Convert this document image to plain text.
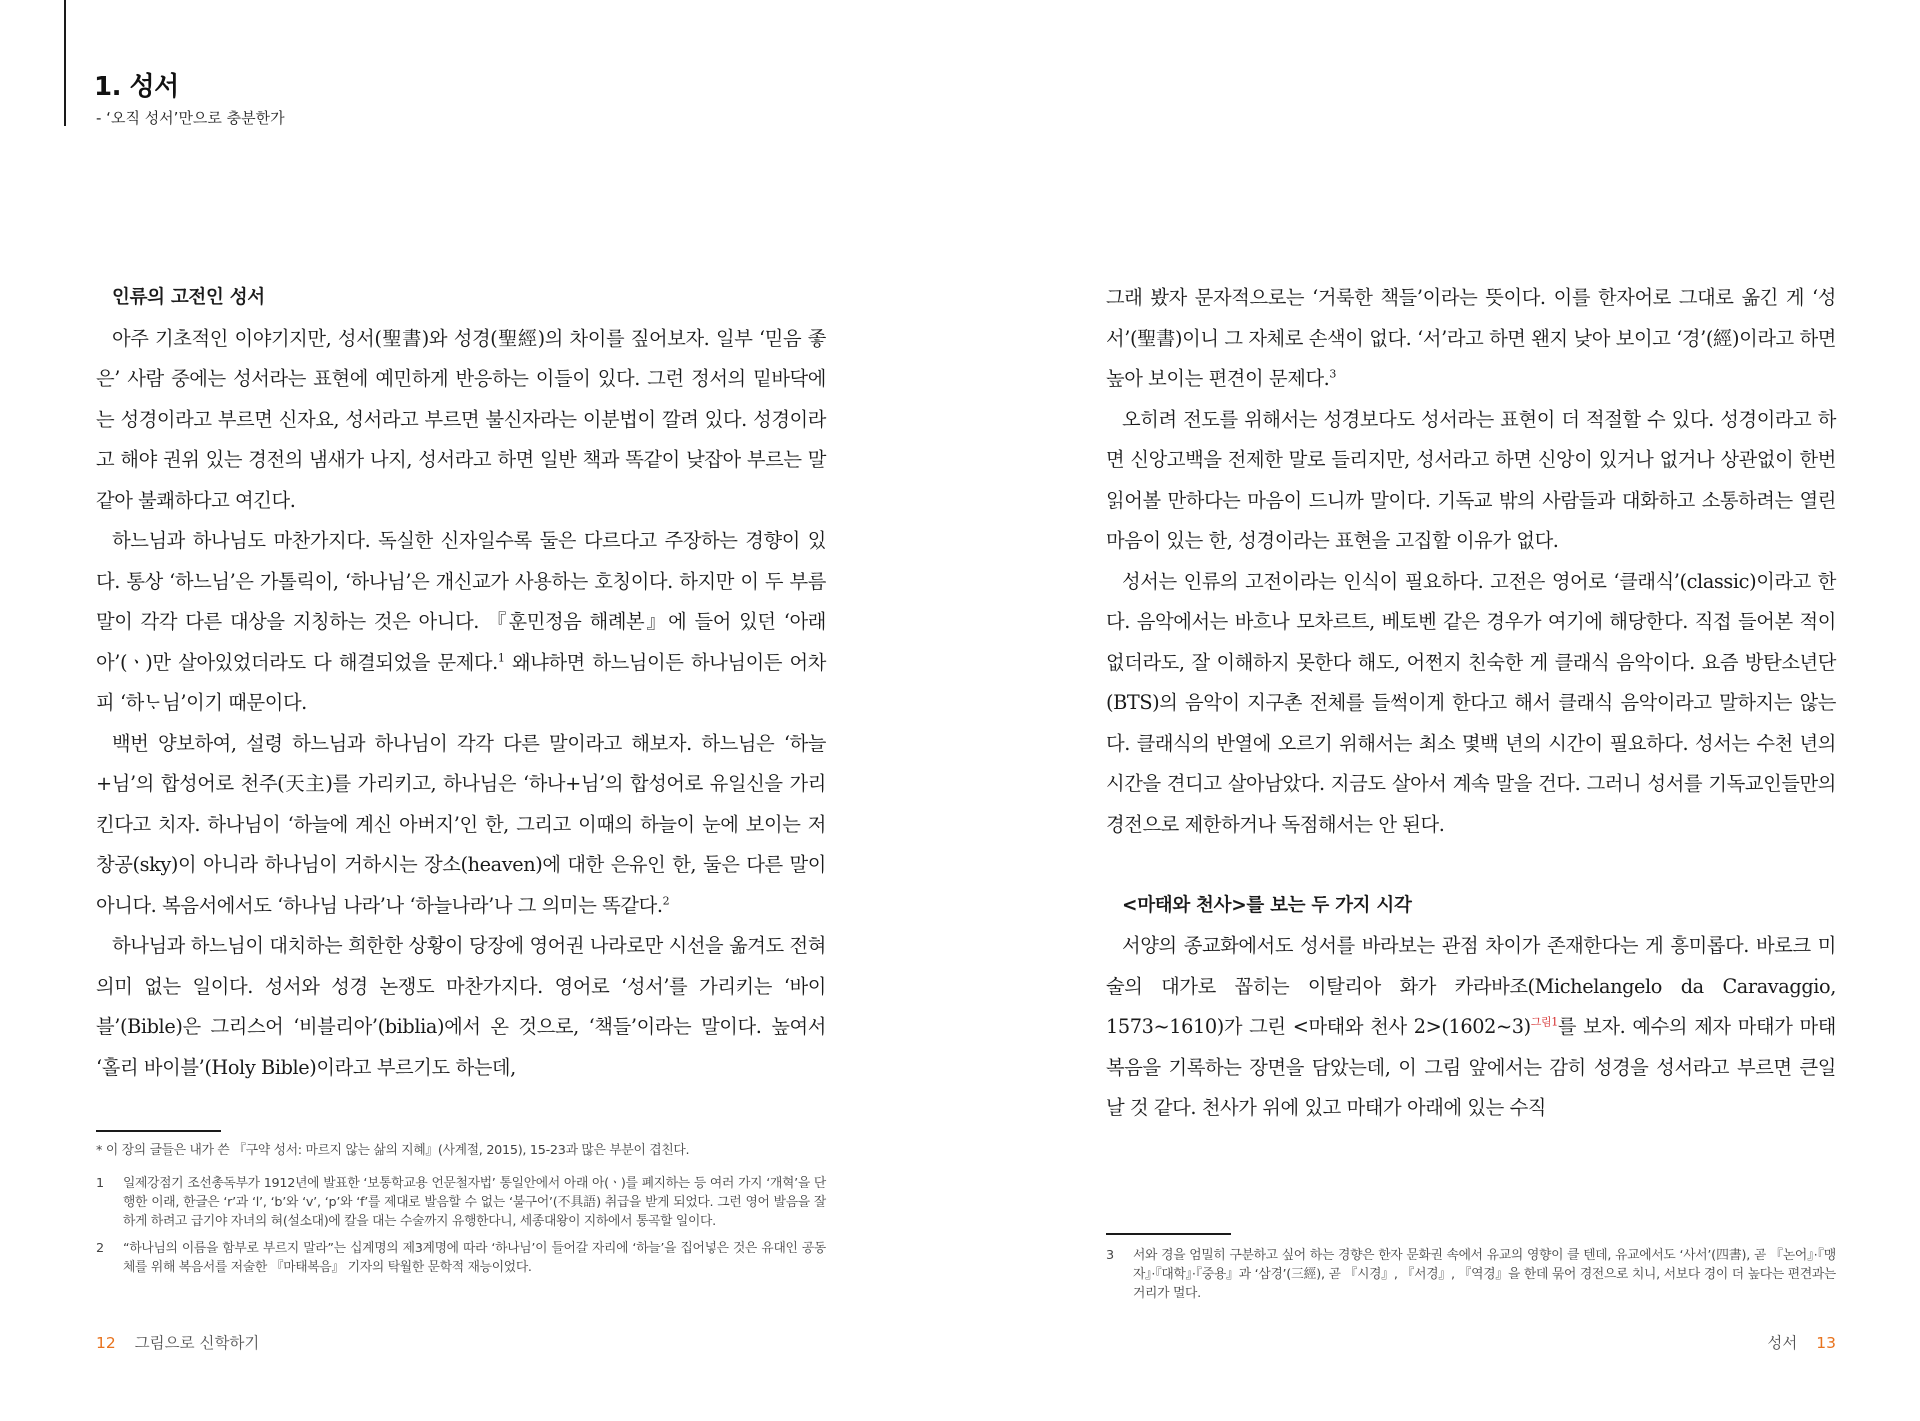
1. 성서
- ‘오직 성서’만으로 충분한가
인류의 고전인 성서

아주 기초적인 이야기지만, 성서(聖書)와 성경(聖經)의 차이를 짚어보자. 일부 ‘믿음 좋은’ 사람 중에는 성서라는 표현에 예민하게 반응하는 이들이 있다. 그런 정서의 밑바닥에는 성경이라고 부르면 신자요, 성서라고 부르면 불신자라는 이분법이 깔려 있다. 성경이라고 해야 권위 있는 경전의 냄새가 나지, 성서라고 하면 일반 책과 똑같이 낮잡아 부르는 말 같아 불쾌하다고 여긴다.

하느님과 하나님도 마찬가지다. 독실한 신자일수록 둘은 다르다고 주장하는 경향이 있다. 통상 ‘하느님’은 가톨릭이, ‘하나님’은 개신교가 사용하는 호칭이다. 하지만 이 두 부름말이 각각 다른 대상을 지칭하는 것은 아니다. 『훈민정음 해례본』에 들어 있던 ‘아래 아’(ㆍ)만 살아있었더라도 다 해결되었을 문제다.$^1$ 왜냐하면 하느님이든 하나님이든 어차피 ‘하ᄂᆞ님’이기 때문이다.

백번 양보하여, 설령 하느님과 하나님이 각각 다른 말이라고 해보자. 하느님은 ‘하늘+님’의 합성어로 천주(天主)를 가리키고, 하나님은 ‘하나+님’의 합성어로 유일신을 가리킨다고 치자. 하나님이 ‘하늘에 계신 아버지’인 한, 그리고 이때의 하늘이 눈에 보이는 저 창공(sky)이 아니라 하나님이 거하시는 장소(heaven)에 대한 은유인 한, 둘은 다른 말이 아니다. 복음서에서도 ‘하나님 나라’나 ‘하늘나라’나 그 의미는 똑같다.$^2$

하나님과 하느님이 대치하는 희한한 상황이 당장에 영어권 나라로만 시선을 옮겨도 전혀 의미 없는 일이다. 성서와 성경 논쟁도 마찬가지다. 영어로 ‘성서’를 가리키는 ‘바이블’(Bible)은 그리스어 ‘비블리아’(biblia)에서 온 것으로, ‘책들’이라는 말이다. 높여서 ‘홀리 바이블’(Holy Bible)이라고 부르기도 하는데,

* 이 장의 글들은 내가 쓴 『구약 성서: 마르지 않는 삶의 지혜』(사계절, 2015), 15-23과 많은 부분이 겹친다.
1 일제강점기 조선총독부가 1912년에 발표한 ‘보통학교용 언문철자법’ 통일안에서 아래 아(ㆍ)를 폐지하는 등 여러 가지 ‘개혁’을 단행한 이래, 한글은 ‘r’과 ‘l’, ‘b’와 ‘v’, ‘p’와 ‘f’를 제대로 발음할 수 없는 ‘불구어’(不具語) 취급을 받게 되었다. 그런 영어 발음을 잘하게 하려고 급기야 자녀의 혀(설소대)에 칼을 대는 수술까지 유행한다니, 세종대왕이 지하에서 통곡할 일이다.
2 “하나님의 이름을 함부로 부르지 말라”는 십계명의 제3계명에 따라 ‘하나님’이 들어갈 자리에 ‘하늘’을 집어넣은 것은 유대인 공동체를 위해 복음서를 저술한 『마태복음』 기자의 탁월한 문학적 재능이었다.
12 그림으로 신학하기

그래 봤자 문자적으로는 ‘거룩한 책들’이라는 뜻이다. 이를 한자어로 그대로 옮긴 게 ‘성서’(聖書)이니 그 자체로 손색이 없다. ‘서’라고 하면 왠지 낮아 보이고 ‘경’(經)이라고 하면 높아 보이는 편견이 문제다.$^3$

오히려 전도를 위해서는 성경보다도 성서라는 표현이 더 적절할 수 있다. 성경이라고 하면 신앙고백을 전제한 말로 들리지만, 성서라고 하면 신앙이 있거나 없거나 상관없이 한번 읽어볼 만하다는 마음이 드니까 말이다. 기독교 밖의 사람들과 대화하고 소통하려는 열린 마음이 있는 한, 성경이라는 표현을 고집할 이유가 없다.

성서는 인류의 고전이라는 인식이 필요하다. 고전은 영어로 ‘클래식’(classic)이라고 한다. 음악에서는 바흐나 모차르트, 베토벤 같은 경우가 여기에 해당한다. 직접 들어본 적이 없더라도, 잘 이해하지 못한다 해도, 어쩐지 친숙한 게 클래식 음악이다. 요즘 방탄소년단(BTS)의 음악이 지구촌 전체를 들썩이게 한다고 해서 클래식 음악이라고 말하지는 않는다. 클래식의 반열에 오르기 위해서는 최소 몇백 년의 시간이 필요하다. 성서는 수천 년의 시간을 견디고 살아남았다. 지금도 살아서 계속 말을 건다. 그러니 성서를 기독교인들만의 경전으로 제한하거나 독점해서는 안 된다.

<마태와 천사>를 보는 두 가지 시각

서양의 종교화에서도 성서를 바라보는 관점 차이가 존재한다는 게 흥미롭다. 바로크 미술의 대가로 꼽히는 이탈리아 화가 카라바조(Michelangelo da Caravaggio, 1573~1610)가 그린 <마태와 천사 2>(1602~3)$^{그림1}$를 보자. 예수의 제자 마태가 마태복음을 기록하는 장면을 담았는데, 이 그림 앞에서는 감히 성경을 성서라고 부르면 큰일 날 것 같다. 천사가 위에 있고 마태가 아래에 있는 수직

3 서와 경을 엄밀히 구분하고 싶어 하는 경향은 한자 문화권 속에서 유교의 영향이 클 텐데, 유교에서도 ‘사서’(四書), 곧 『논어』·『맹자』·『대학』·『중용』과 ‘삼경’(三經), 곧 『시경』, 『서경』, 『역경』을 한데 묶어 경전으로 치니, 서보다 경이 더 높다는 편견과는 거리가 멀다.
성서 13
